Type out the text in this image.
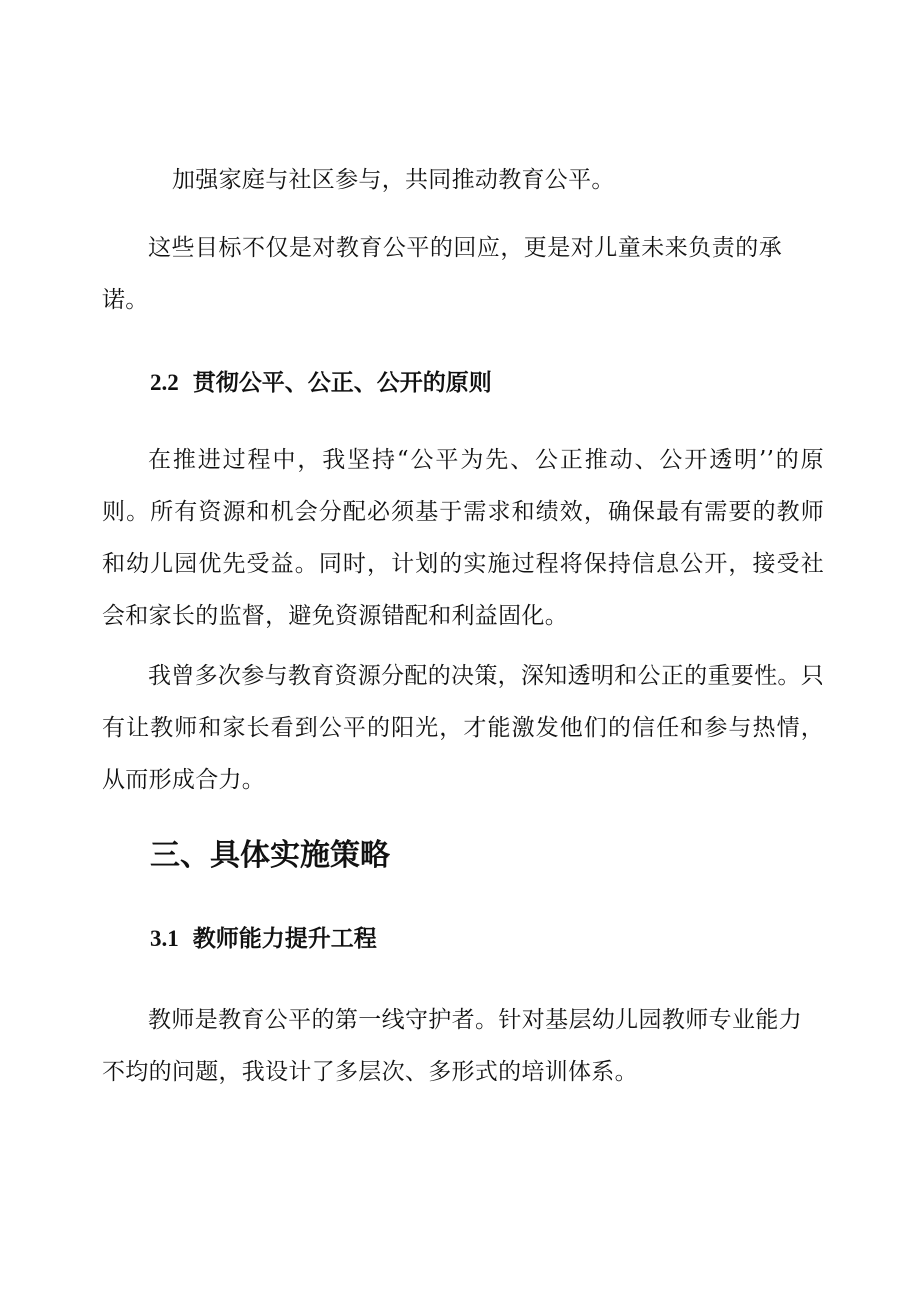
加强家庭与社区参与，共同推动教育公平。

这些目标不仅是对教育公平的回应，更是对儿童未来负责的承诺。

2.2 贯彻公平、公正、公开的原则

在推进过程中，我坚持“公平为先、公正推动、公开透明’’的原则。所有资源和机会分配必须基于需求和绩效，确保最有需要的教师和幼儿园优先受益。同时，计划的实施过程将保持信息公开，接受社会和家长的监督，避免资源错配和利益固化。

我曾多次参与教育资源分配的决策，深知透明和公正的重要性。只有让教师和家长看到公平的阳光，才能激发他们的信任和参与热情，从而形成合力。

三、具体实施策略
3.1 教师能力提升工程

教师是教育公平的第一线守护者。针对基层幼儿园教师专业能力不均的问题，我设计了多层次、多形式的培训体系。
